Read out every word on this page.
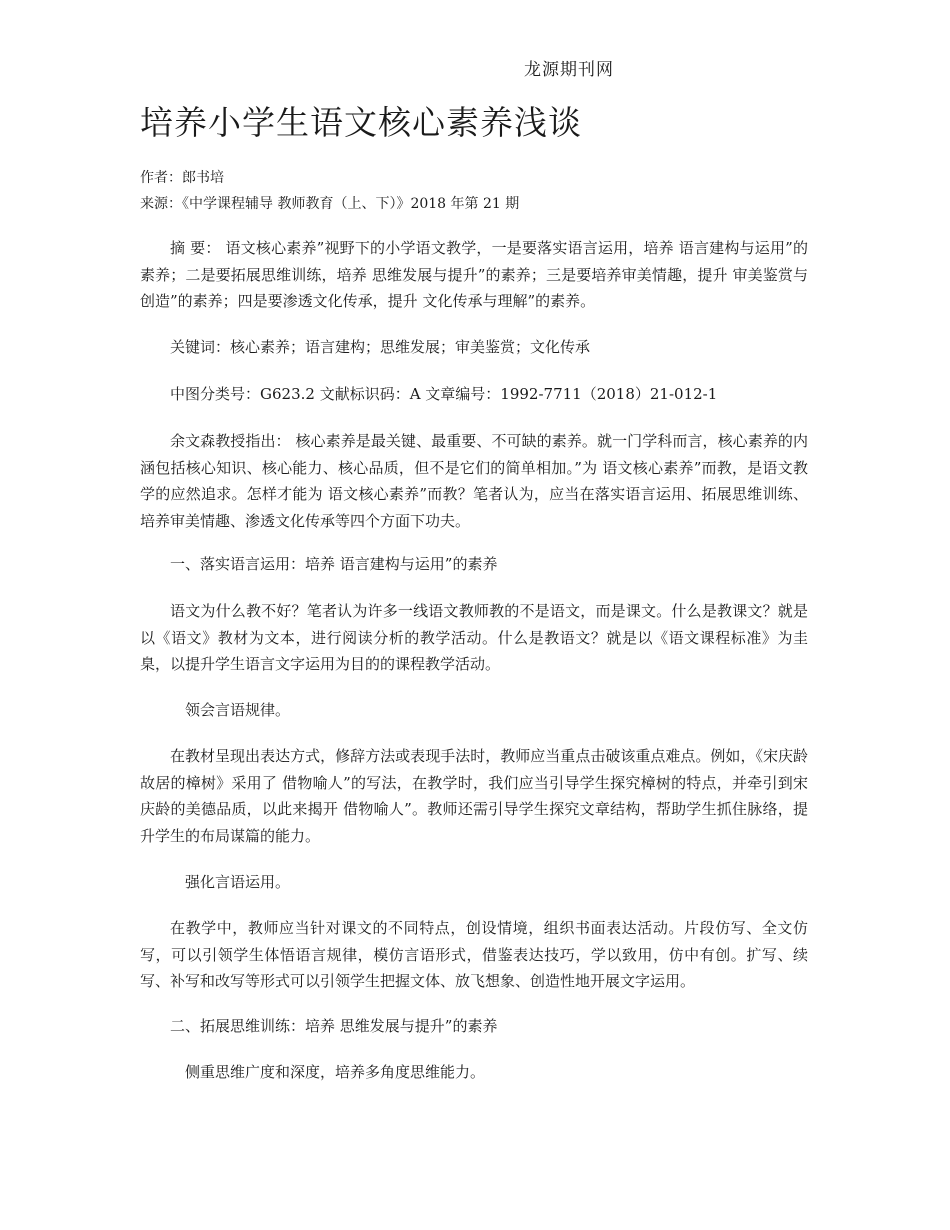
龙源期刊网
培养小学生语文核心素养浅谈
作者：郎书培
来源：《中学课程辅导 教师教育（上、下）》2018 年第 21 期

摘 要： 语文核心素养”视野下的小学语文教学，一是要落实语言运用，培养 语言建构与运用”的素养；二是要拓展思维训练，培养 思维发展与提升”的素养；三是要培养审美情趣，提升 审美鉴赏与创造”的素养；四是要渗透文化传承，提升 文化传承与理解”的素养。

关键词：核心素养；语言建构；思维发展；审美鉴赏；文化传承

中图分类号：G623.2 文献标识码：A 文章编号：1992-7711（2018）21-012-1

余文森教授指出： 核心素养是最关键、最重要、不可缺的素养。就一门学科而言，核心素养的内涵包括核心知识、核心能力、核心品质，但不是它们的简单相加。”为 语文核心素养”而教，是语文教学的应然追求。怎样才能为 语文核心素养”而教？笔者认为，应当在落实语言运用、拓展思维训练、培养审美情趣、渗透文化传承等四个方面下功夫。

一、落实语言运用：培养 语言建构与运用”的素养

语文为什么教不好？笔者认为许多一线语文教师教的不是语文，而是课文。什么是教课文？就是以《语文》教材为文本，进行阅读分析的教学活动。什么是教语文？就是以《语文课程标准》为圭臬，以提升学生语言文字运用为目的的课程教学活动。

领会言语规律。

在教材呈现出表达方式，修辞方法或表现手法时，教师应当重点击破该重点难点。例如，《宋庆龄故居的樟树》采用了 借物喻人”的写法，在教学时，我们应当引导学生探究樟树的特点，并牵引到宋庆龄的美德品质，以此来揭开 借物喻人”。教师还需引导学生探究文章结构，帮助学生抓住脉络，提升学生的布局谋篇的能力。

强化言语运用。

在教学中，教师应当针对课文的不同特点，创设情境，组织书面表达活动。片段仿写、全文仿写，可以引领学生体悟语言规律，模仿言语形式，借鉴表达技巧，学以致用，仿中有创。扩写、续写、补写和改写等形式可以引领学生把握文体、放飞想象、创造性地开展文字运用。

二、拓展思维训练：培养 思维发展与提升”的素养

侧重思维广度和深度，培养多角度思维能力。
